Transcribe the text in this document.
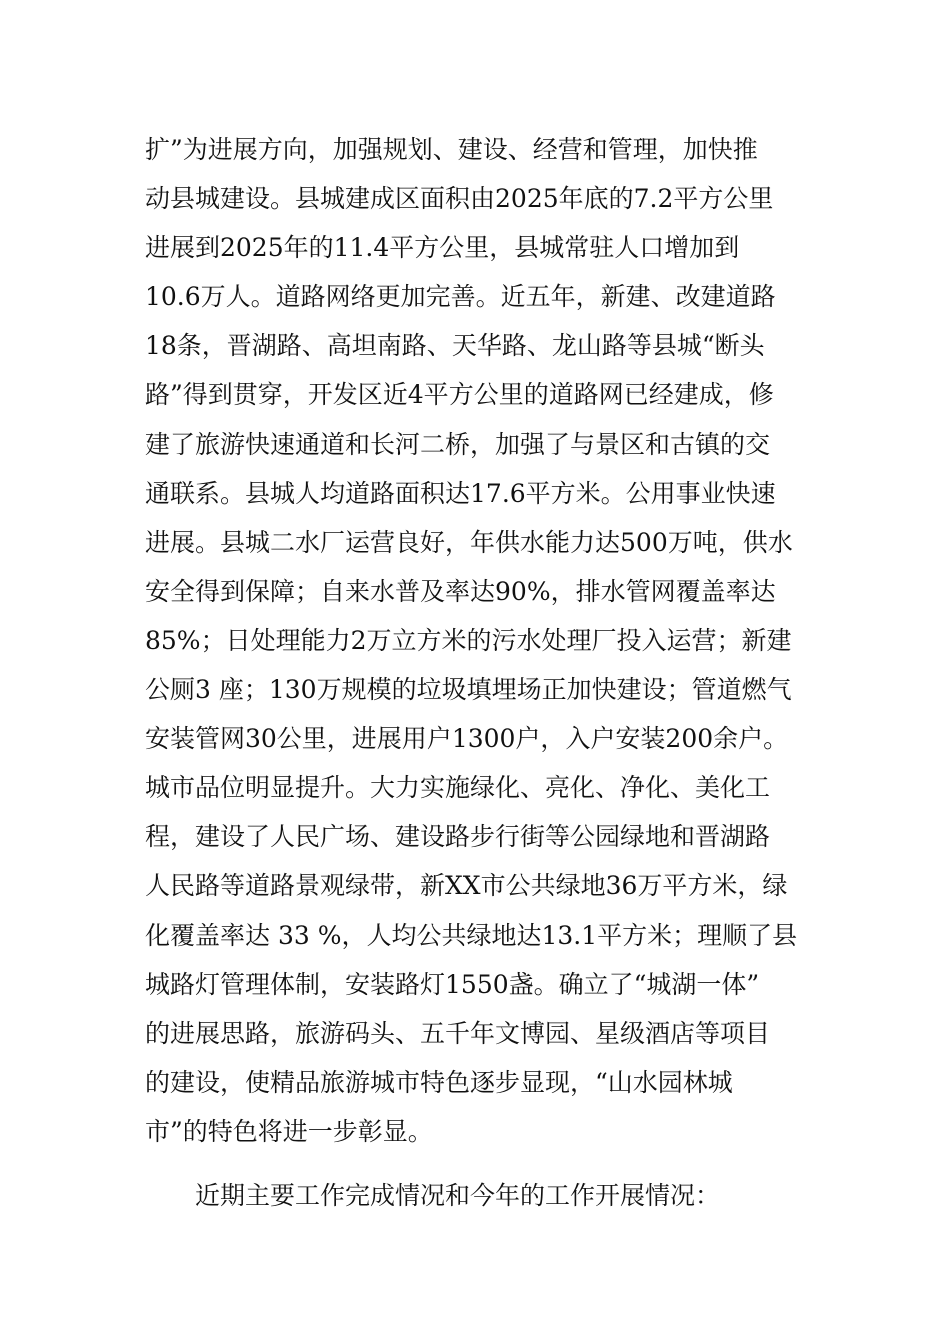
扩”为进展方向，加强规划、建设、经营和管理，加快推
动县城建设。县城建成区面积由2025年底的7.2平方公里
进展到2025年的11.4平方公里，县城常驻人口增加到
10.6万人。道路网络更加完善。近五年，新建、改建道路
18条，晋湖路、高坦南路、天华路、龙山路等县城“断头
路”得到贯穿，开发区近4平方公里的道路网已经建成，修
建了旅游快速通道和长河二桥，加强了与景区和古镇的交
通联系。县城人均道路面积达17.6平方米。公用事业快速
进展。县城二水厂运营良好，年供水能力达500万吨，供水
安全得到保障；自来水普及率达90%，排水管网覆盖率达
85%；日处理能力2万立方米的污水处理厂投入运营；新建
公厕3 座；130万规模的垃圾填埋场正加快建设；管道燃气
安装管网30公里，进展用户1300户，入户安装200余户。
城市品位明显提升。大力实施绿化、亮化、净化、美化工
程，建设了人民广场、建设路步行街等公园绿地和晋湖路
人民路等道路景观绿带，新XX市公共绿地36万平方米，绿
化覆盖率达 33 %，人均公共绿地达13.1平方米；理顺了县
城路灯管理体制，安装路灯1550盏。确立了“城湖一体”
的进展思路，旅游码头、五千年文博园、星级酒店等项目
的建设，使精品旅游城市特色逐步显现，“山水园林城
市”的特色将进一步彰显。
近期主要工作完成情况和今年的工作开展情况：
